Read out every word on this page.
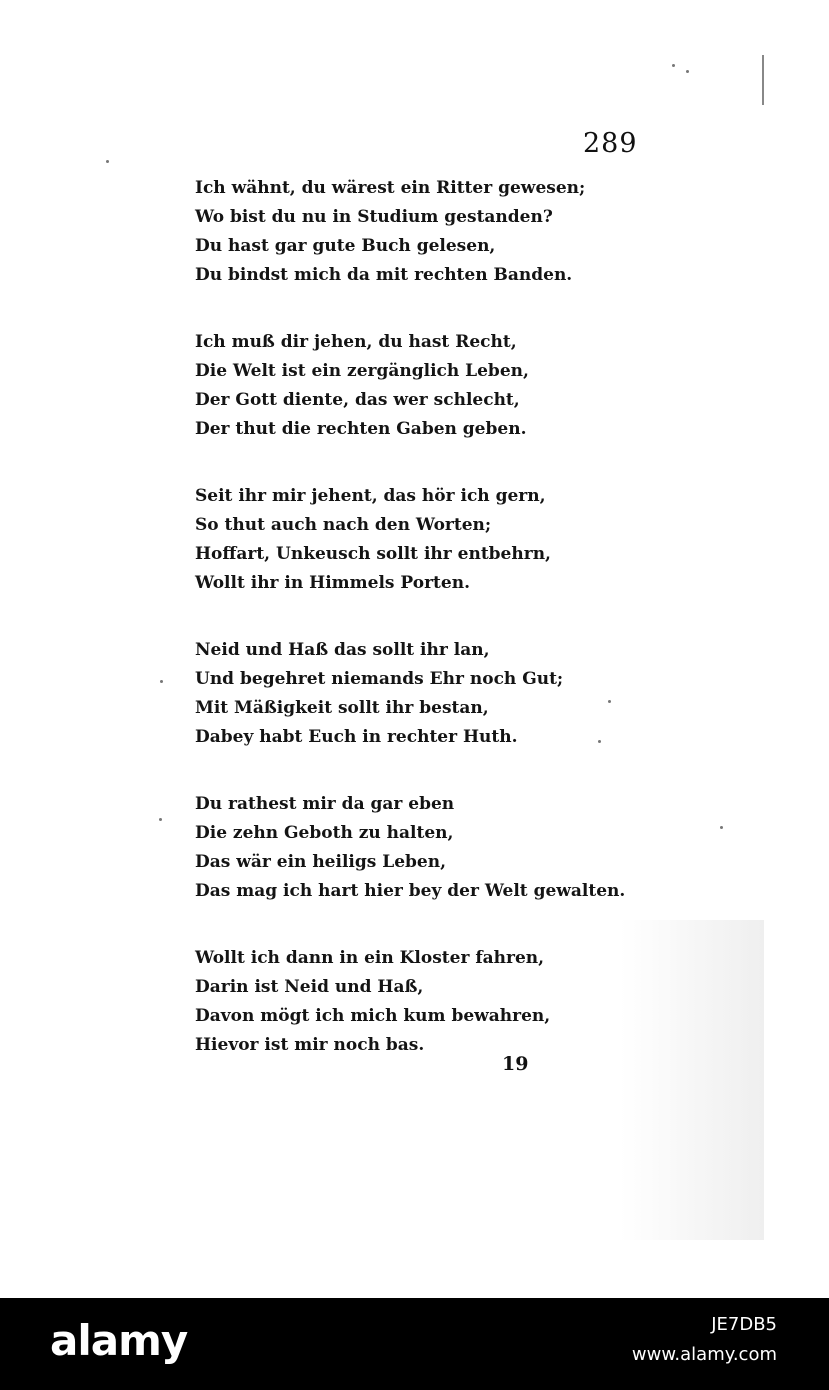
289
Ich wähnt, du wärest ein Ritter gewesen;
Wo bist du nu in Studium gestanden?
Du hast gar gute Buch gelesen,
Du bindst mich da mit rechten Banden.
Ich muß dir jehen, du hast Recht,
Die Welt ist ein zergänglich Leben,
Der Gott diente, das wer schlecht,
Der thut die rechten Gaben geben.
Seit ihr mir jehent, das hör ich gern,
So thut auch nach den Worten;
Hoffart, Unkeusch sollt ihr entbehrn,
Wollt ihr in Himmels Porten.
Neid und Haß das sollt ihr lan,
Und begehret niemands Ehr noch Gut;
Mit Mäßigkeit sollt ihr bestan,
Dabey habt Euch in rechter Huth.
Du rathest mir da gar eben
Die zehn Geboth zu halten,
Das wär ein heiligs Leben,
Das mag ich hart hier bey der Welt gewalten.
Wollt ich dann in ein Kloster fahren,
Darin ist Neid und Haß,
Davon mögt ich mich kum bewahren,
Hievor ist mir noch bas.
19
alamy	JE7DB5
www.alamy.com
